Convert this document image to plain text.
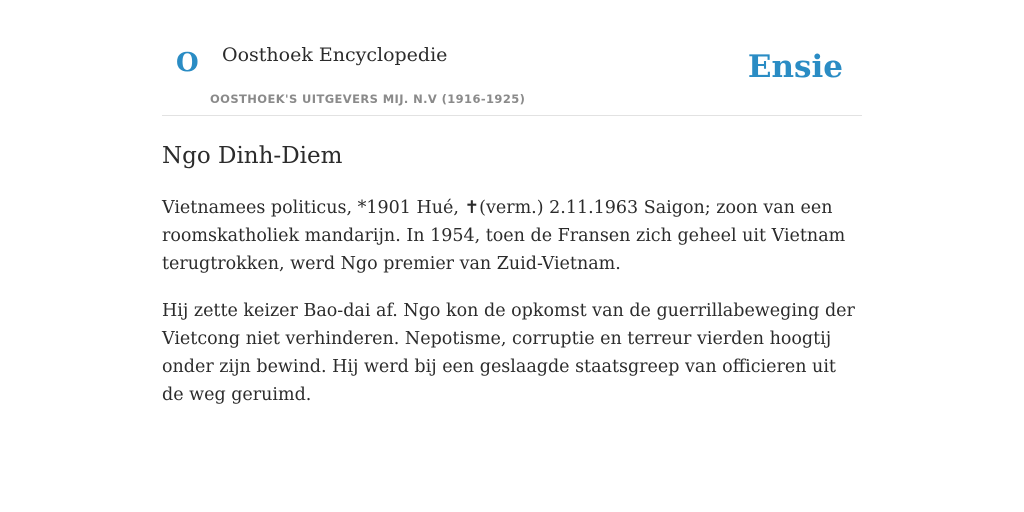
O Oosthoek Encyclopedie
OOSTHOEK'S UITGEVERS MIJ. N.V (1916-1925)
Ensie
Ngo Dinh-Diem

Vietnamees politicus, *1901 Hué, ✝(verm.) 2.11.1963 Saigon; zoon van een roomskatholiek mandarijn. In 1954, toen de Fransen zich geheel uit Vietnam terugtrokken, werd Ngo premier van Zuid-Vietnam.

Hij zette keizer Bao-dai af. Ngo kon de opkomst van de guerrillabeweging der Vietcong niet verhinderen. Nepotisme, corruptie en terreur vierden hoogtij onder zijn bewind. Hij werd bij een geslaagde staatsgreep van officieren uit de weg geruimd.
